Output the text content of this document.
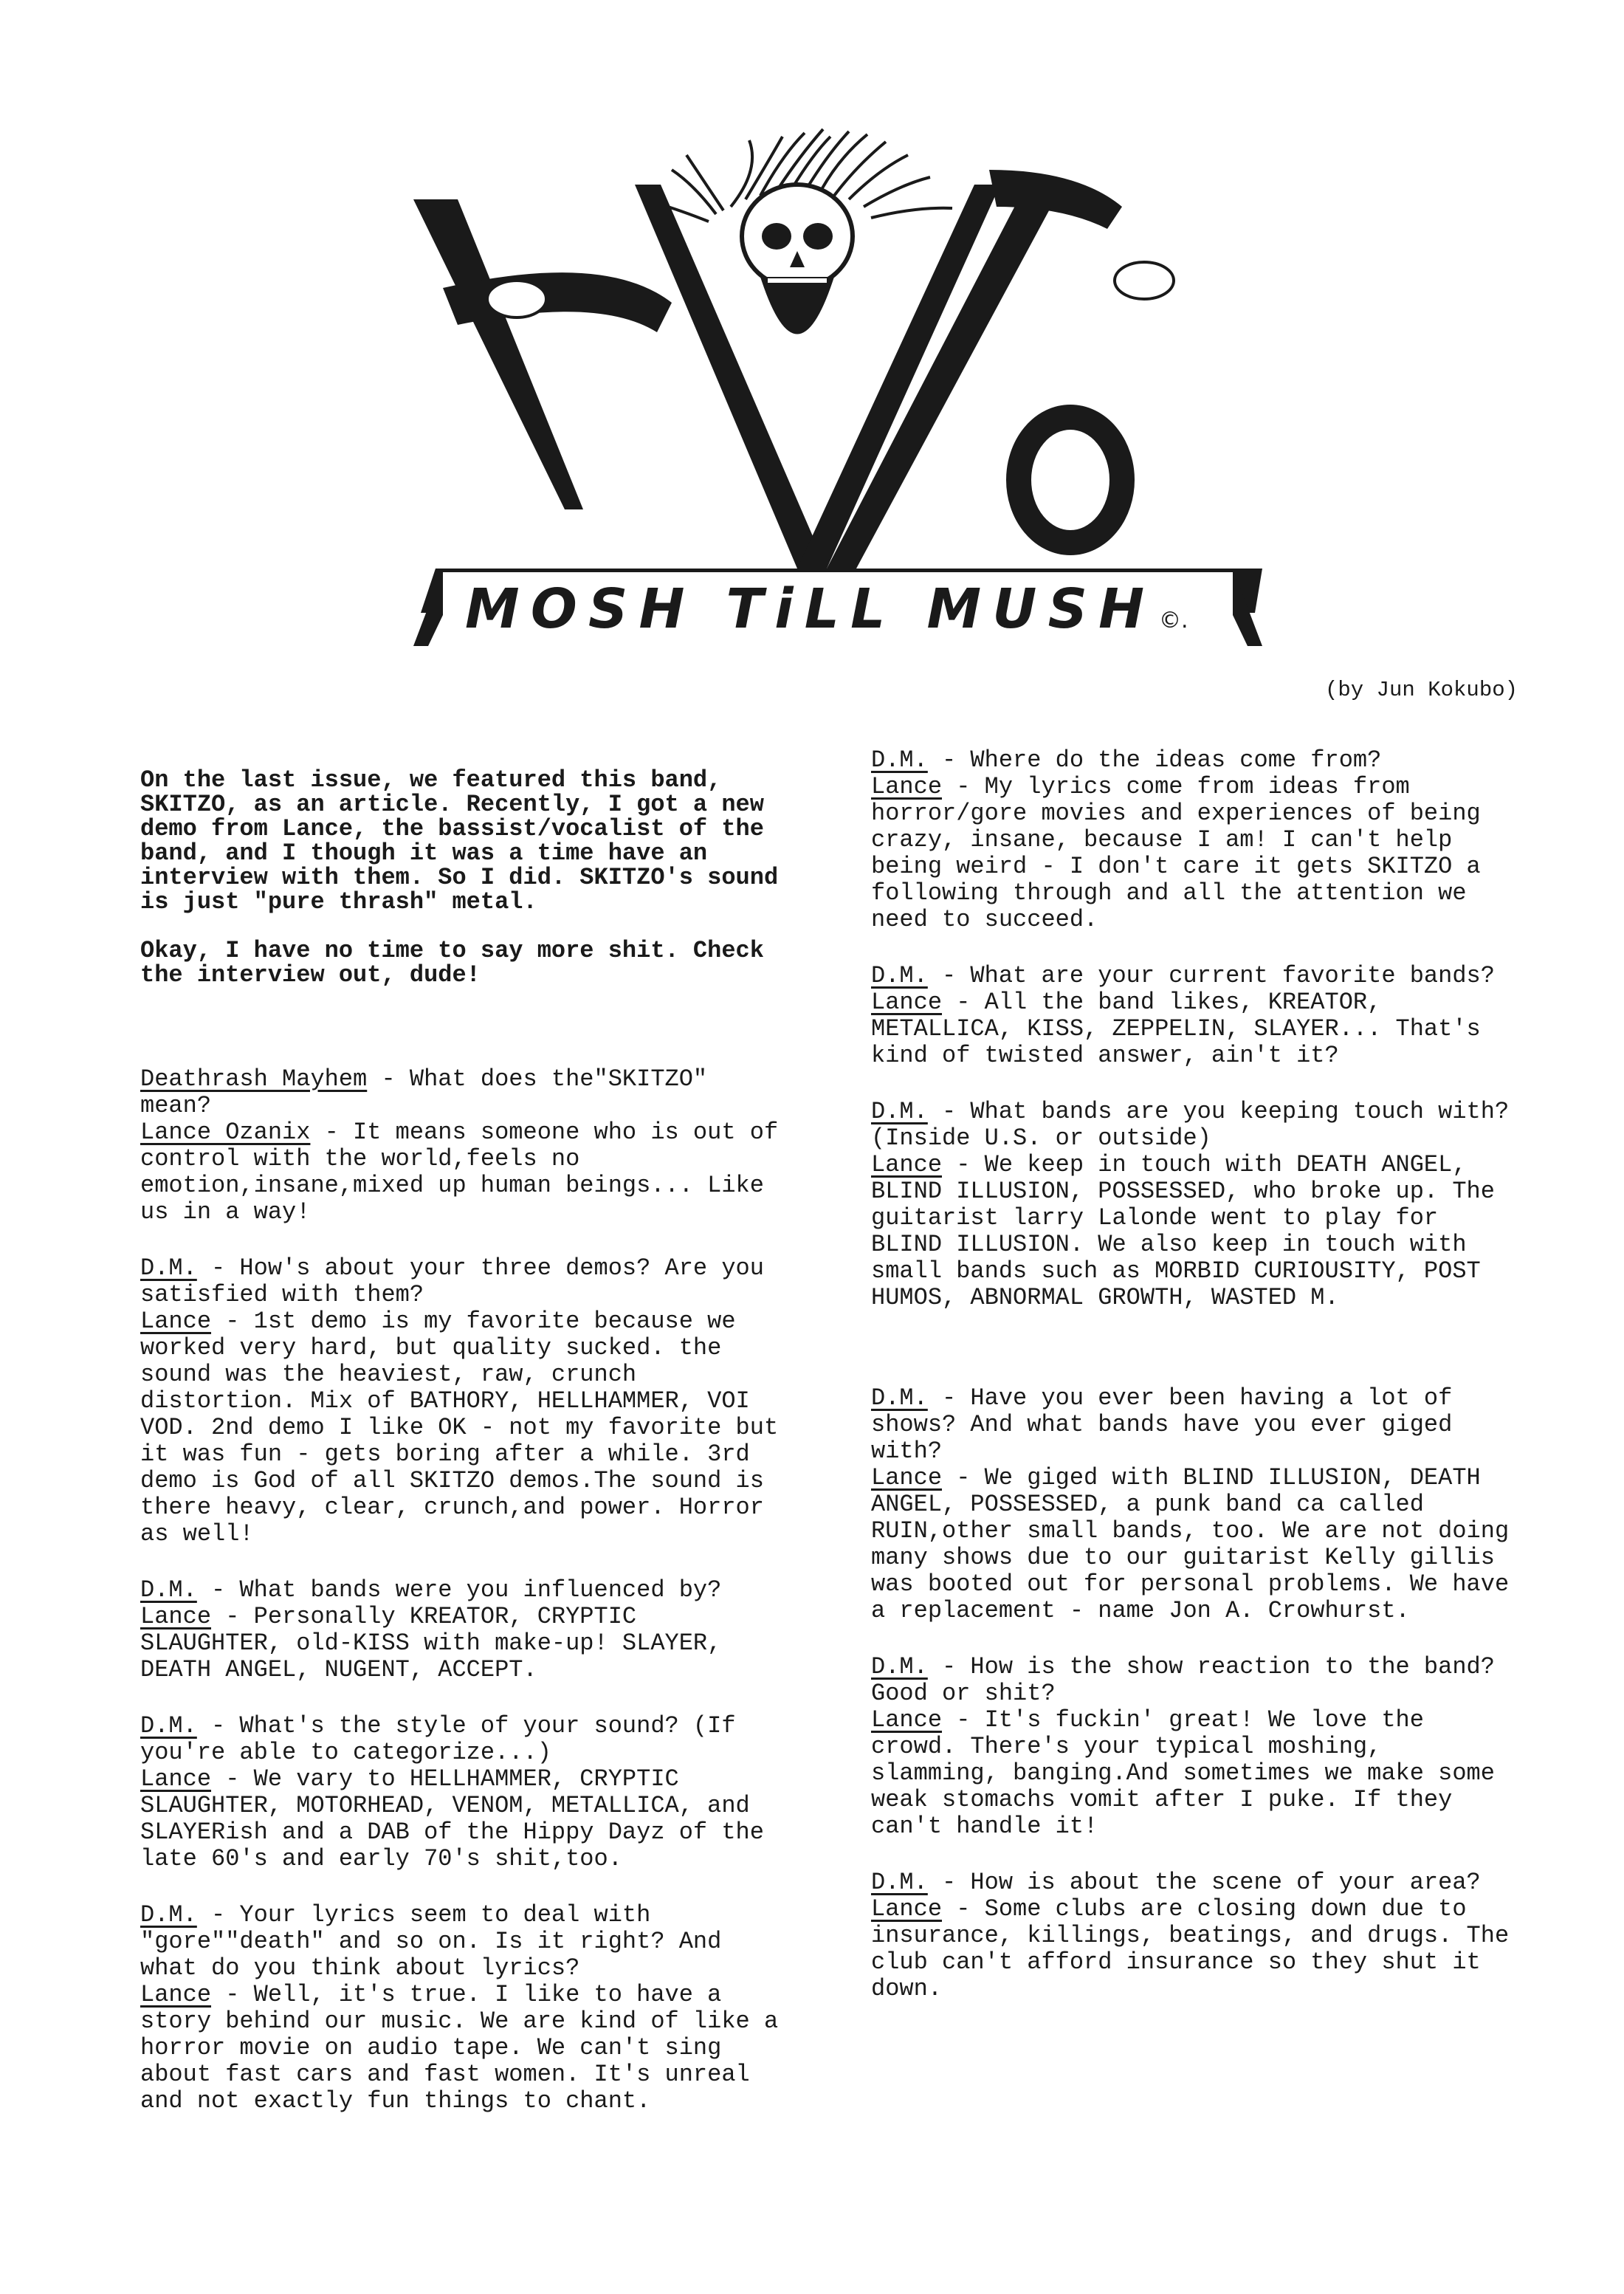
MOSH TiLL MUSH ©.
(by Jun Kokubo)

On the last issue, we featured this band, SKITZO, as an article. Recently, I got a new demo from Lance, the bassist/vocalist of the band, and I though it was a time have an interview with them. So I did. SKITZO's sound is just "pure thrash" metal.

Okay, I have no time to say more shit. Check the interview out, dude!

Deathrash Mayhem - What does the"SKITZO" mean?

Lance Ozanix - It means someone who is out of control with the world,feels no emotion,insane,mixed up human beings... Like us in a way!

D.M. - How's about your three demos? Are you satisfied with them?

Lance - 1st demo is my favorite because we worked very hard, but quality sucked. the sound was the heaviest, raw, crunch distortion. Mix of BATHORY, HELLHAMMER, VOI VOD. 2nd demo I like OK - not my favorite but it was fun - gets boring after a while. 3rd demo is God of all SKITZO demos.The sound is there heavy, clear, crunch,and power. Horror as well!

D.M. - What bands were you influenced by?

Lance - Personally KREATOR, CRYPTIC SLAUGHTER, old-KISS with make-up! SLAYER, DEATH ANGEL, NUGENT, ACCEPT.

D.M. - What's the style of your sound? (If you're able to categorize...)

Lance - We vary to HELLHAMMER, CRYPTIC SLAUGHTER, MOTORHEAD, VENOM, METALLICA, and SLAYERish and a DAB of the Hippy Dayz of the late 60's and early 70's shit,too.

D.M. - Your lyrics seem to deal with "gore""death" and so on. Is it right? And what do you think about lyrics?

Lance - Well, it's true. I like to have a story behind our music. We are kind of like a horror movie on audio tape. We can't sing about fast cars and fast women. It's unreal and not exactly fun things to chant.

D.M. - Where do the ideas come from?

Lance - My lyrics come from ideas from horror/gore movies and experiences of being crazy, insane, because I am! I can't help being weird - I don't care it gets SKITZO a following through and all the attention we need to succeed.

D.M. - What are your current favorite bands?

Lance - All the band likes, KREATOR, METALLICA, KISS, ZEPPELIN, SLAYER... That's kind of twisted answer, ain't it?

D.M. - What bands are you keeping touch with? (Inside U.S. or outside)

Lance - We keep in touch with DEATH ANGEL, BLIND ILLUSION, POSSESSED, who broke up. The guitarist larry Lalonde went to play for BLIND ILLUSION. We also keep in touch with small bands such as MORBID CURIOUSITY, POST HUMOS, ABNORMAL GROWTH, WASTED M.

D.M. - Have you ever been having a lot of shows? And what bands have you ever giged with?

Lance - We giged with BLIND ILLUSION, DEATH ANGEL, POSSESSED, a punk band ca called RUIN,other small bands, too. We are not doing many shows due to our guitarist Kelly gillis was booted out for personal problems. We have a replacement - name Jon A. Crowhurst.

D.M. - How is the show reaction to the band? Good or shit?

Lance - It's fuckin' great! We love the crowd. There's your typical moshing, slamming, banging.And sometimes we make some weak stomachs vomit after I puke. If they can't handle it!

D.M. - How is about the scene of your area?

Lance - Some clubs are closing down due to insurance, killings, beatings, and drugs. The club can't afford insurance so they shut it down.
